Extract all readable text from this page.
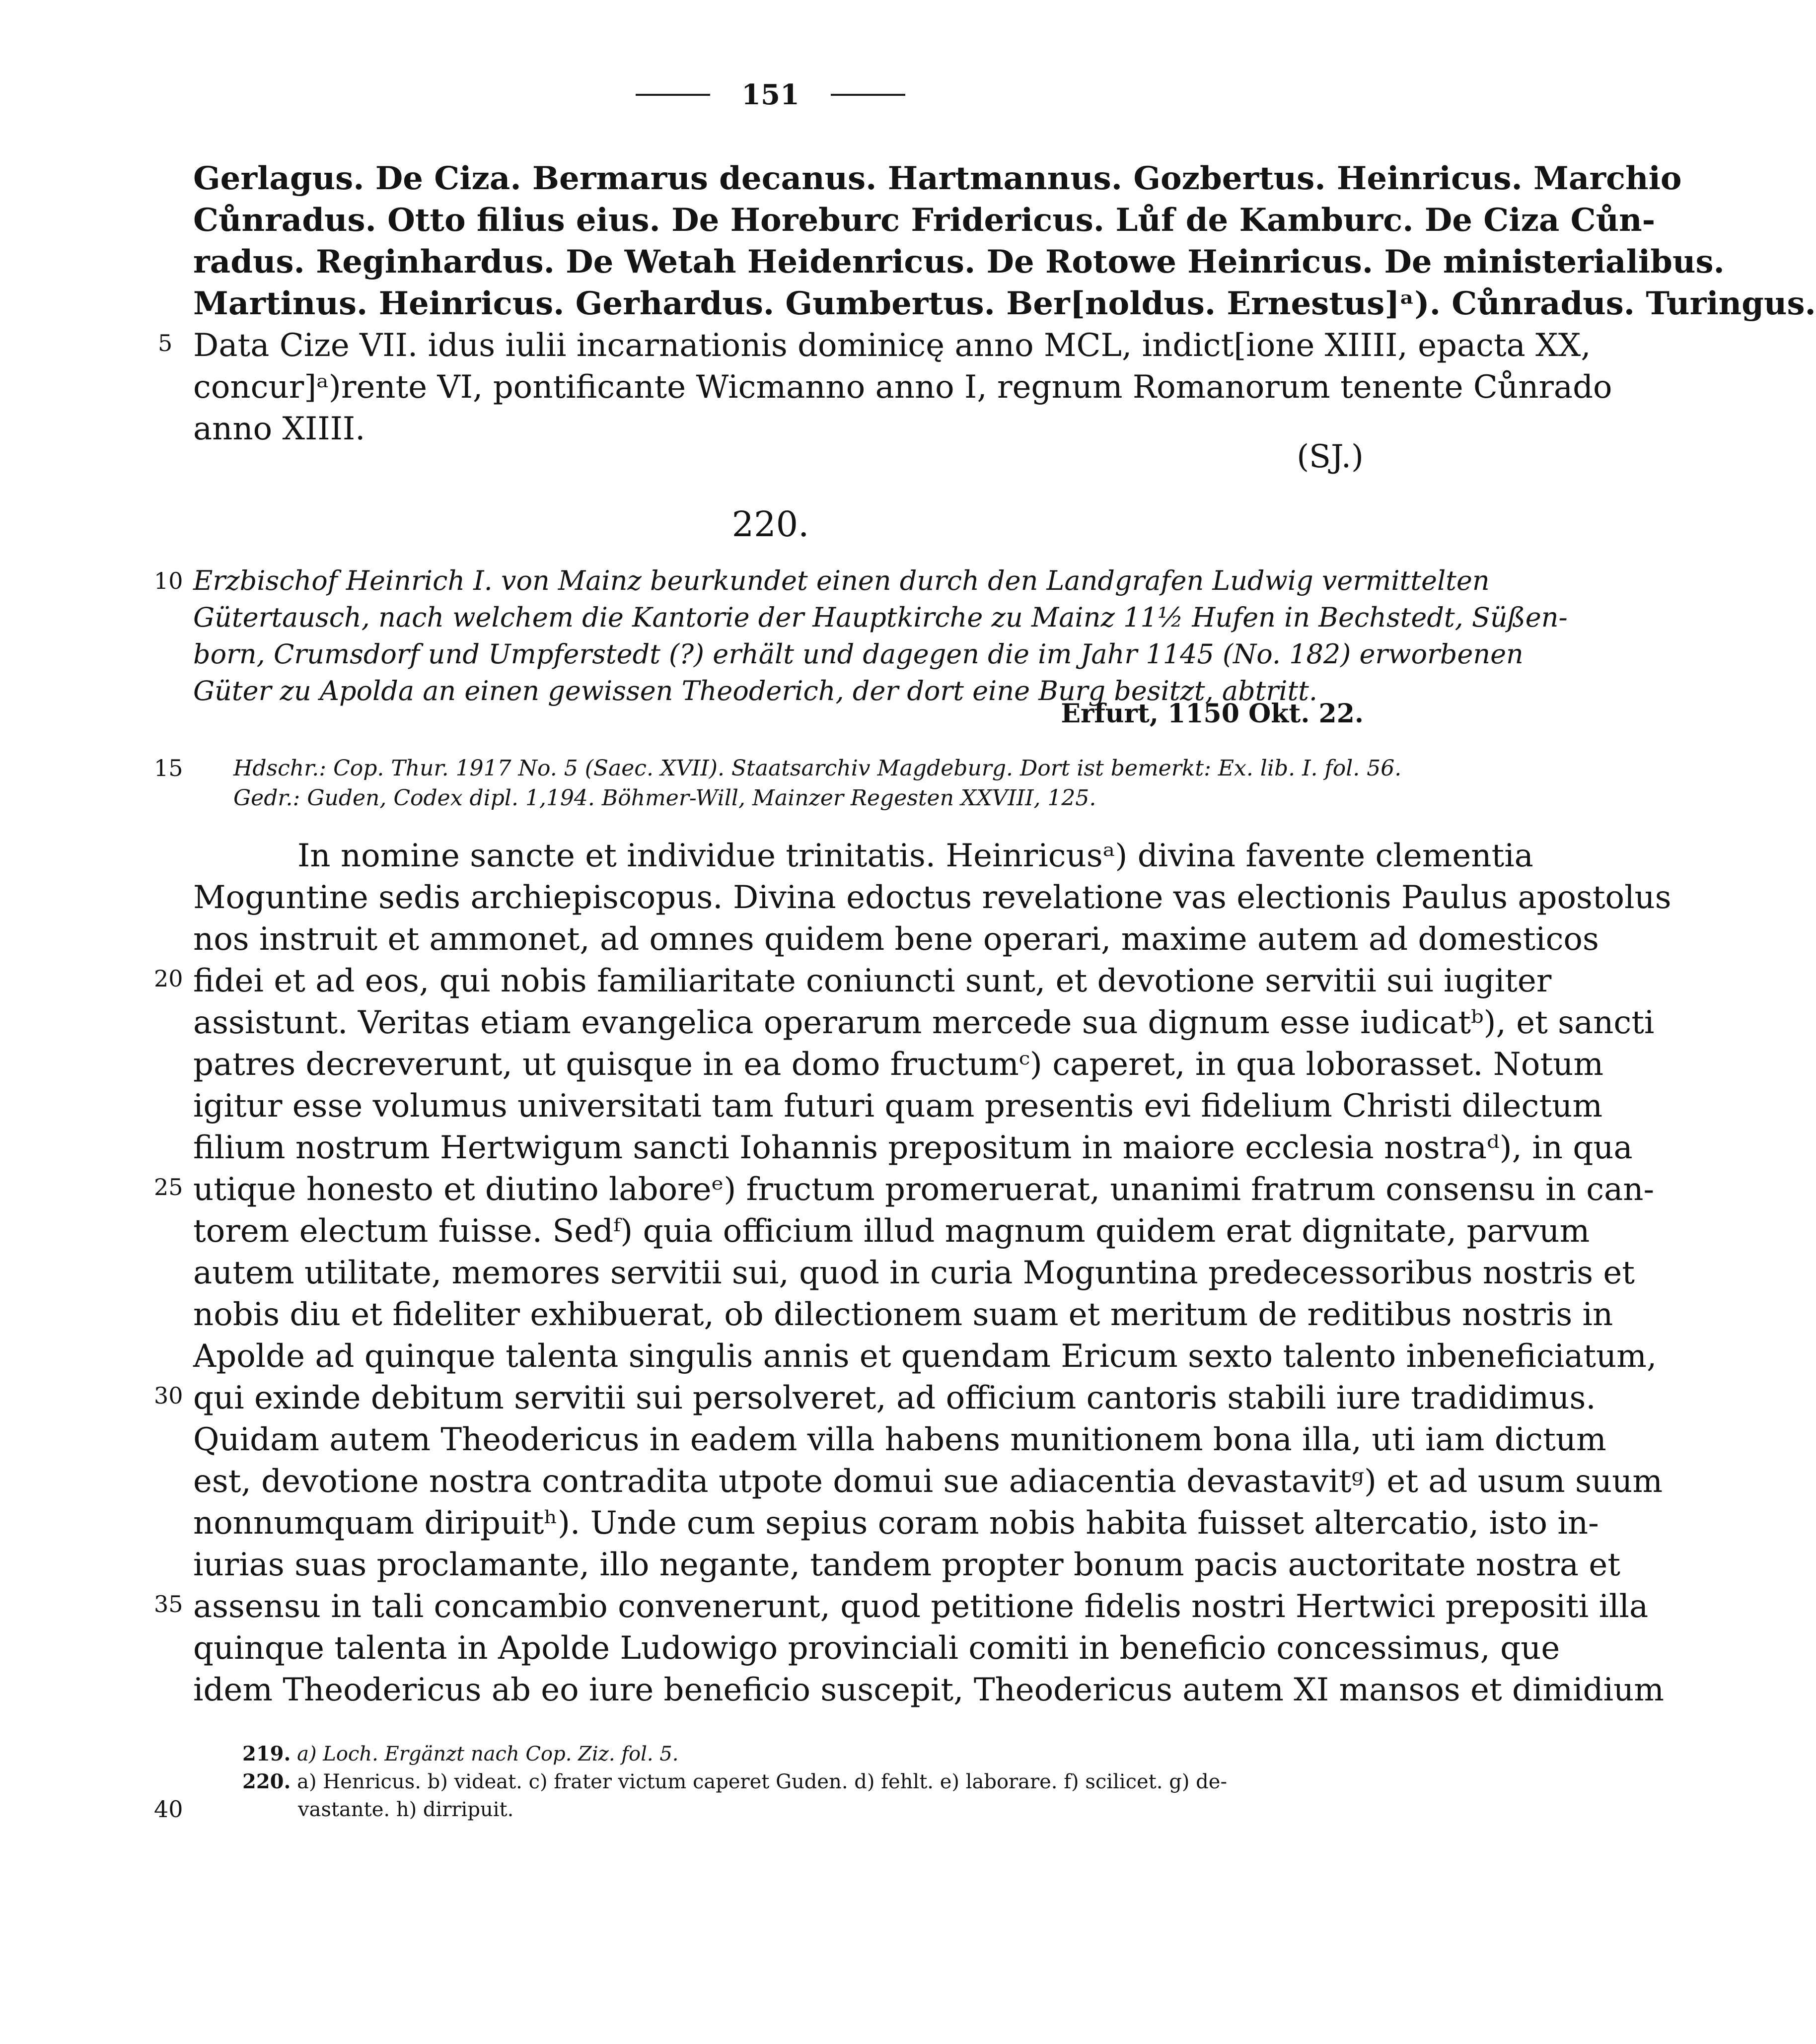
151
Gerlagus. De Ciza. Bermarus decanus. Hartmannus. Gozbertus. Heinricus. Marchio
Cůnradus. Otto filius eius. De Horeburc Fridericus. Lůf de Kamburc. De Ciza Cůn-
radus. Reginhardus. De Wetah Heidenricus. De Rotowe Heinricus. De ministerialibus.
Martinus. Heinricus. Gerhardus. Gumbertus. Ber[noldus. Ernestus]ᵃ). Cůnradus. Turingus.
Data Cize VII. idus iulii incarnationis dominicę anno MCL, indict[ione XIIII, epacta XX,
concur]ᵃ)rente VI, pontificante Wicmanno anno I, regnum Romanorum tenente Cůnrado
anno XIIII.
(SJ.)
220.
Erzbischof Heinrich I. von Mainz beurkundet einen durch den Landgrafen Ludwig vermittelten
Gütertausch, nach welchem die Kantorie der Hauptkirche zu Mainz 11½ Hufen in Bechstedt, Süßen-
born, Crumsdorf und Umpferstedt (?) erhält und dagegen die im Jahr 1145 (No. 182) erworbenen
Güter zu Apolda an einen gewissen Theoderich, der dort eine Burg besitzt, abtritt.
Erfurt, 1150 Okt. 22.
Hdschr.: Cop. Thur. 1917 No. 5 (Saec. XVII). Staatsarchiv Magdeburg. Dort ist bemerkt: Ex. lib. I. fol. 56.
Gedr.: Guden, Codex dipl. 1,194. Böhmer-Will, Mainzer Regesten XXVIII, 125.
In nomine sancte et individue trinitatis. Heinricusᵃ) divina favente clementia
Moguntine sedis archiepiscopus. Divina edoctus revelatione vas electionis Paulus apostolus
nos instruit et ammonet, ad omnes quidem bene operari, maxime autem ad domesticos
fidei et ad eos, qui nobis familiaritate coniuncti sunt, et devotione servitii sui iugiter
assistunt. Veritas etiam evangelica operarum mercede sua dignum esse iudicatᵇ), et sancti
patres decreverunt, ut quisque in ea domo fructumᶜ) caperet, in qua loborasset. Notum
igitur esse volumus universitati tam futuri quam presentis evi fidelium Christi dilectum
filium nostrum Hertwigum sancti Iohannis prepositum in maiore ecclesia nostraᵈ), in qua
utique honesto et diutino laboreᵉ) fructum promeruerat, unanimi fratrum consensu in can-
torem electum fuisse. Sedᶠ) quia officium illud magnum quidem erat dignitate, parvum
autem utilitate, memores servitii sui, quod in curia Moguntina predecessoribus nostris et
nobis diu et fideliter exhibuerat, ob dilectionem suam et meritum de reditibus nostris in
Apolde ad quinque talenta singulis annis et quendam Ericum sexto talento inbeneficiatum,
qui exinde debitum servitii sui persolveret, ad officium cantoris stabili iure tradidimus.
Quidam autem Theodericus in eadem villa habens munitionem bona illa, uti iam dictum
est, devotione nostra contradita utpote domui sue adiacentia devastavitᵍ) et ad usum suum
nonnumquam diripuitʰ). Unde cum sepius coram nobis habita fuisset altercatio, isto in-
iurias suas proclamante, illo negante, tandem propter bonum pacis auctoritate nostra et
assensu in tali concambio convenerunt, quod petitione fidelis nostri Hertwici prepositi illa
quinque talenta in Apolde Ludowigo provinciali comiti in beneficio concessimus, que
idem Theodericus ab eo iure beneficio suscepit, Theodericus autem XI mansos et dimidium
219. a) Loch. Ergänzt nach Cop. Ziz. fol. 5.
220. a) Henricus. b) videat. c) frater victum caperet Guden. d) fehlt. e) laborare. f) scilicet. g) de-
vastante. h) dirripuit.
5
10
15
20
25
30
35
40
